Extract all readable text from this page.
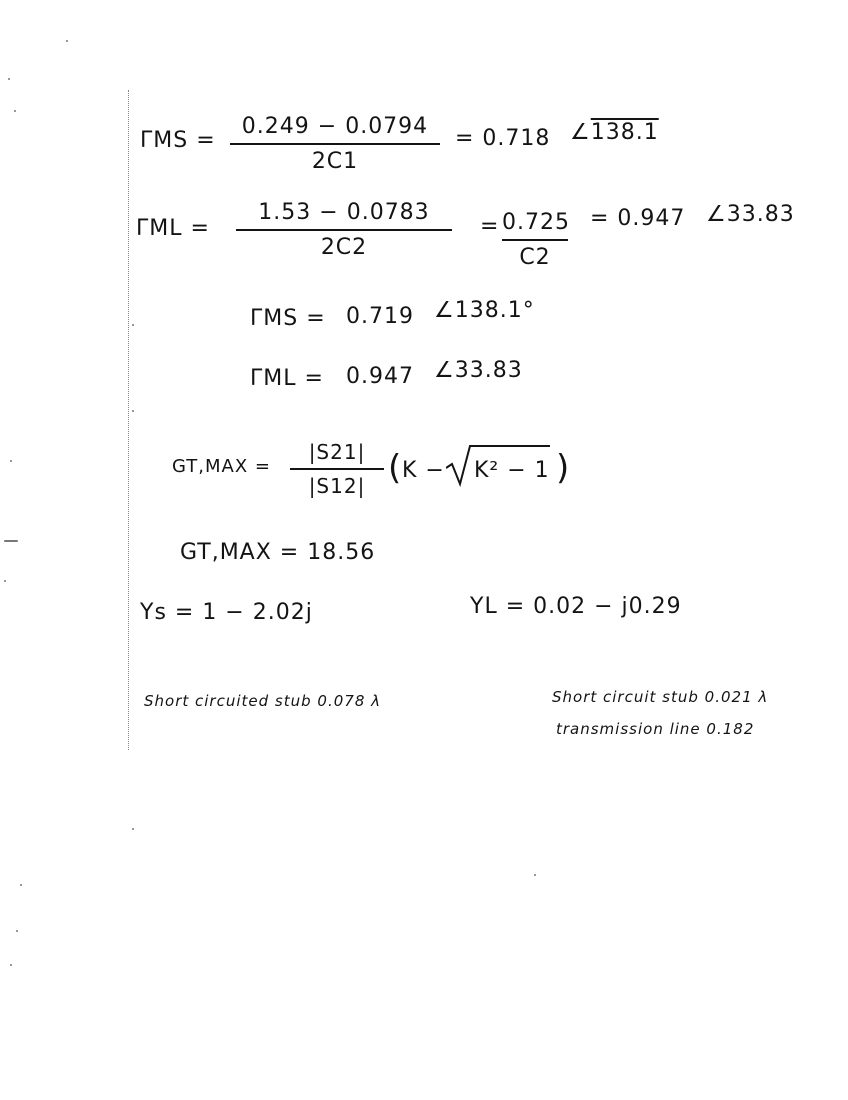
ΓMS =
0.249 − 0.0794
2C1
= 0.718 ∠138.1
ΓML =
1.53 − 0.0783
2C2
= 0.725
C2
= 0.947 ∠33.83
ΓMS = 0.719 ∠138.1°
ΓML = 0.947 ∠33.83
GT,MAX =
|S21|
|S12| ( K − K² − 1 )
GT,MAX = 18.56
Ys = 1 − 2.02j	YL = 0.02 − j0.29
Short circuited stub 0.078 λ	Short circuit stub 0.021 λ
transmission line 0.182
